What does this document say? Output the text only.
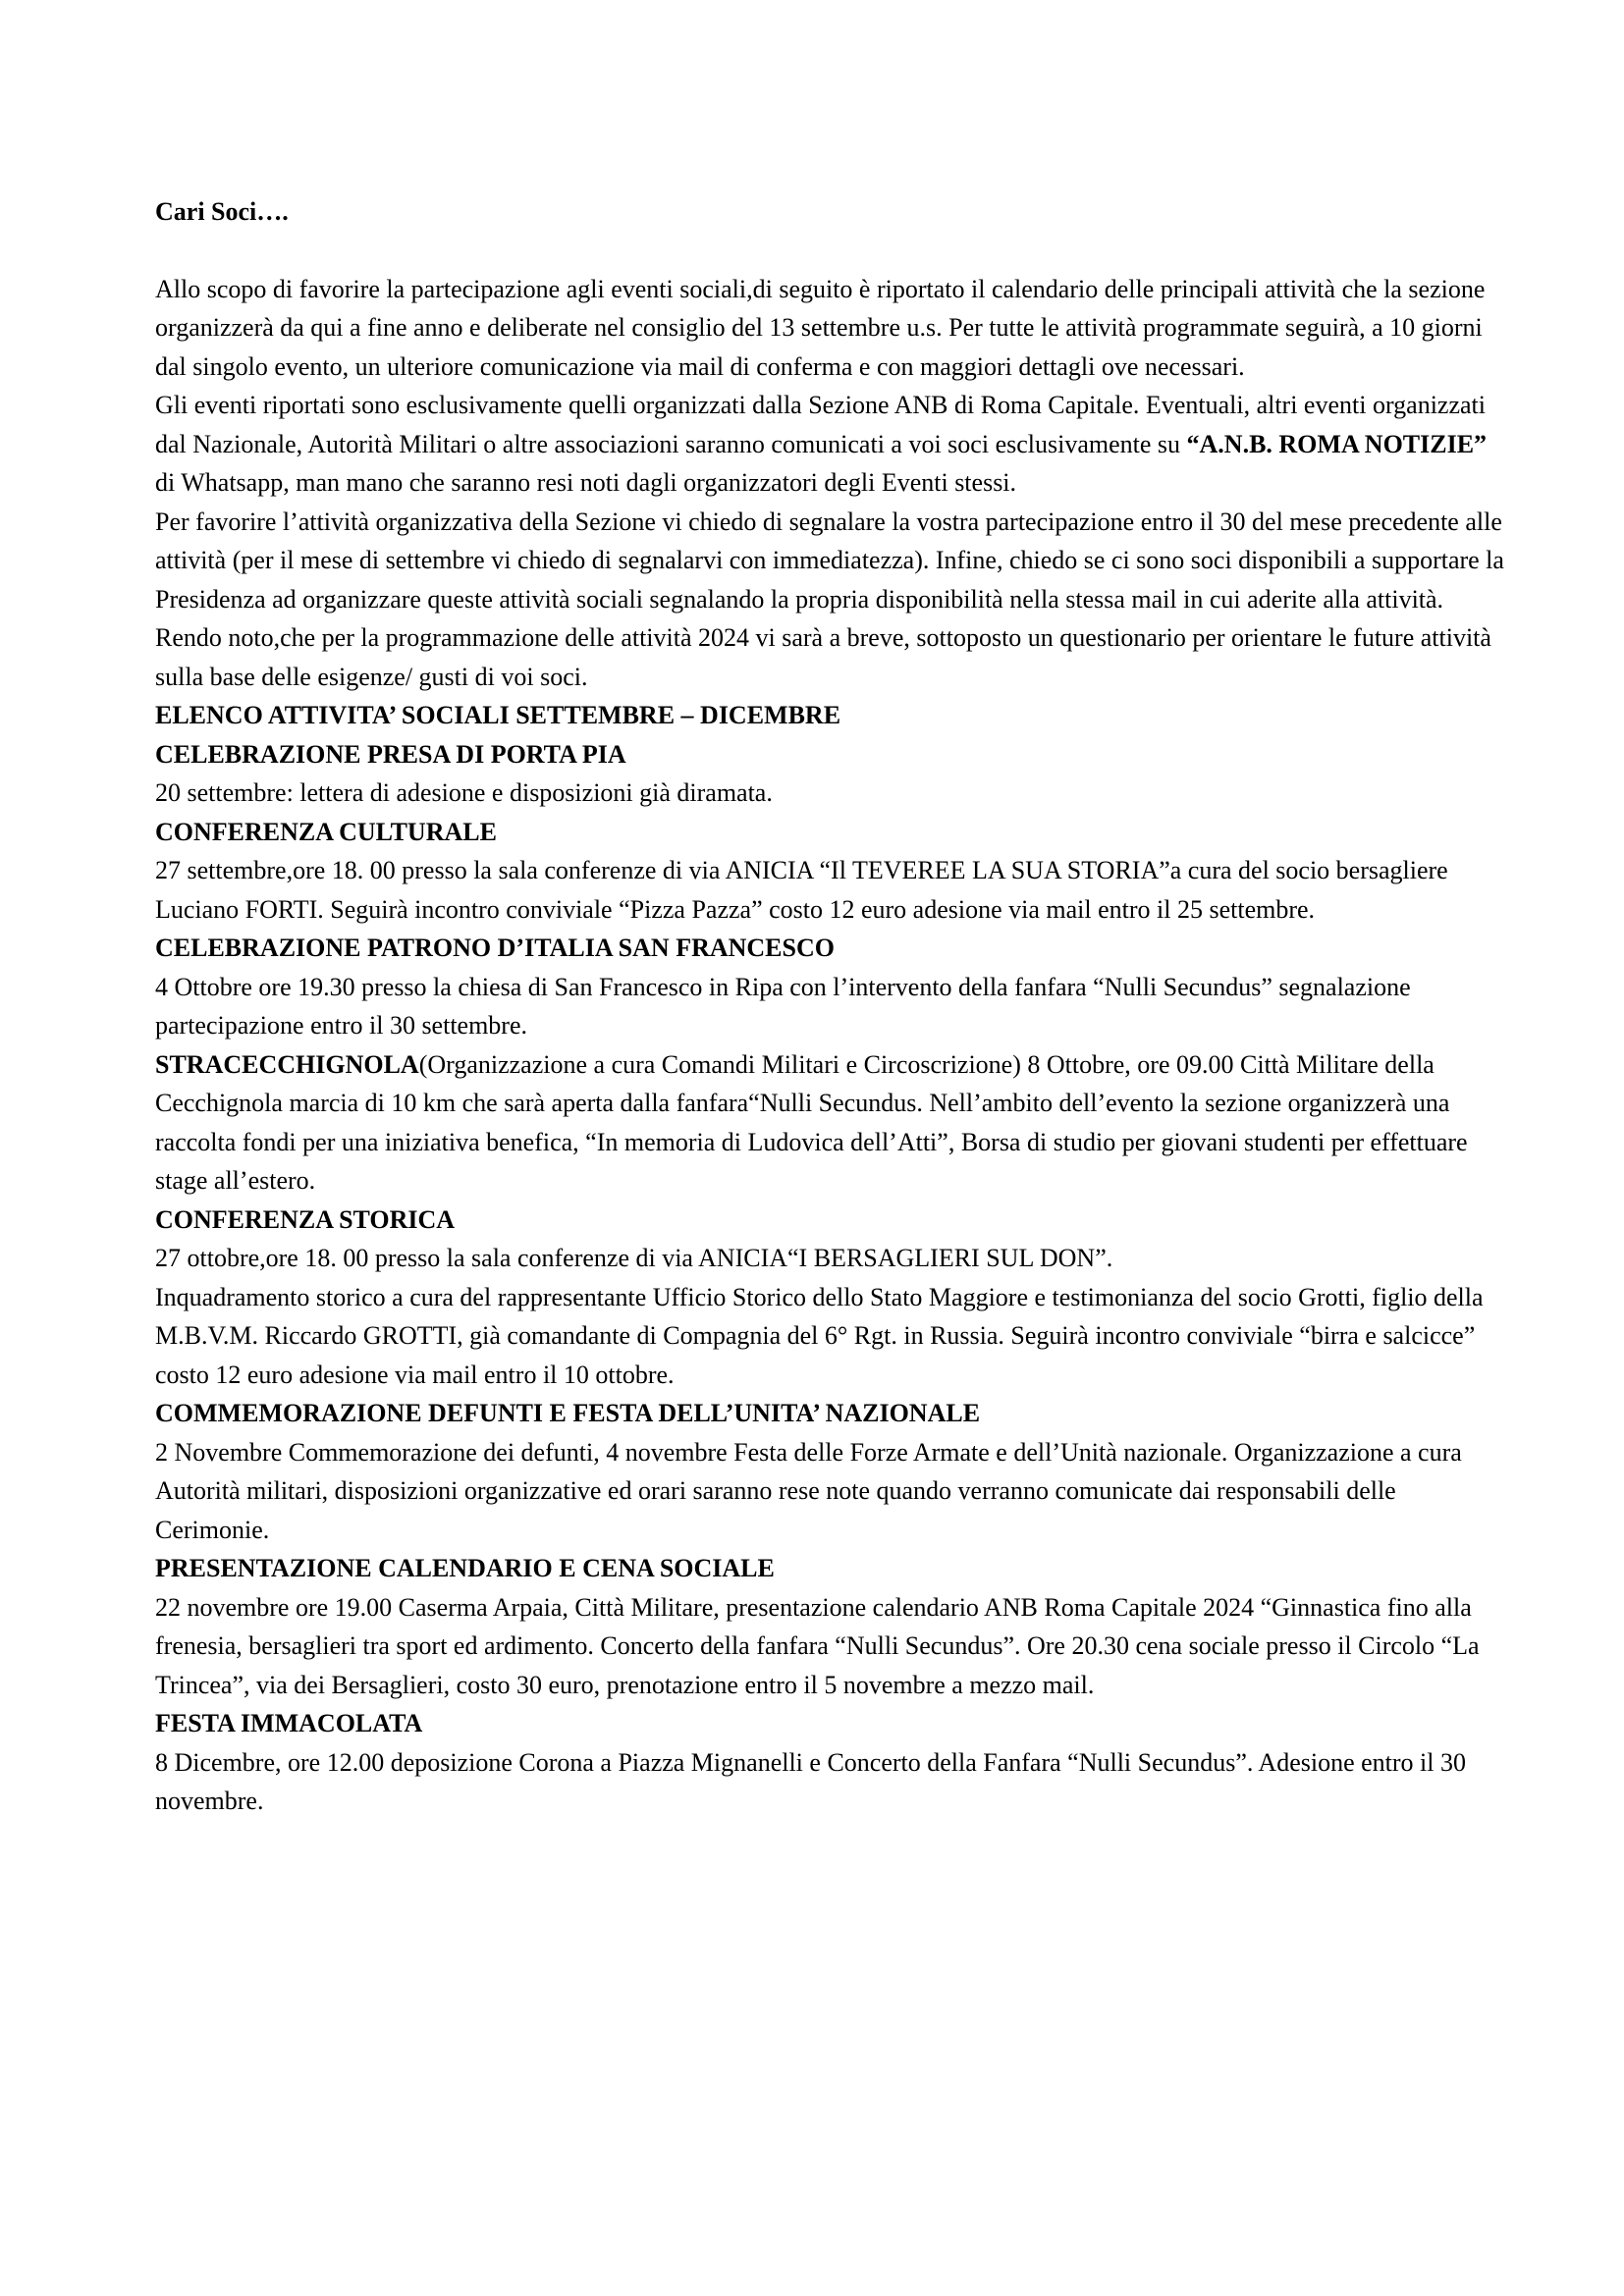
Cari Soci….

Allo scopo di favorire la partecipazione agli eventi sociali,di seguito è riportato il calendario delle principali attività che la sezione organizzerà da qui a fine anno e deliberate nel consiglio del 13 settembre u.s. Per tutte le attività programmate seguirà, a 10 giorni dal singolo evento, un ulteriore comunicazione via mail di conferma e con maggiori dettagli ove necessari.

Gli eventi riportati sono esclusivamente quelli organizzati dalla Sezione ANB di Roma Capitale. Eventuali, altri eventi organizzati dal Nazionale, Autorità Militari o altre associazioni saranno comunicati a voi soci esclusivamente su “A.N.B. ROMA NOTIZIE” di Whatsapp, man mano che saranno resi noti dagli organizzatori degli Eventi stessi.

Per favorire l’attività organizzativa della Sezione vi chiedo di segnalare la vostra partecipazione entro il 30 del mese precedente alle attività (per il mese di settembre vi chiedo di segnalarvi con immediatezza). Infine, chiedo se ci sono soci disponibili a supportare la Presidenza ad organizzare queste attività sociali segnalando la propria disponibilità nella stessa mail in cui aderite alla attività.

Rendo noto,che per la programmazione delle attività 2024 vi sarà a breve, sottoposto un questionario per orientare le future attività sulla base delle esigenze/ gusti di voi soci.

ELENCO ATTIVITA’ SOCIALI SETTEMBRE – DICEMBRE

CELEBRAZIONE PRESA DI PORTA PIA

20 settembre: lettera di adesione e disposizioni già diramata.

CONFERENZA CULTURALE

27 settembre,ore 18. 00 presso la sala conferenze di via ANICIA “Il TEVEREE LA SUA STORIA”a cura del socio bersagliere Luciano FORTI. Seguirà incontro conviviale “Pizza Pazza” costo 12 euro adesione via mail entro il 25 settembre.

CELEBRAZIONE PATRONO D’ITALIA SAN FRANCESCO

4 Ottobre ore 19.30 presso la chiesa di San Francesco in Ripa con l’intervento della fanfara “Nulli Secundus” segnalazione partecipazione entro il 30 settembre.

STRACECCHIGNOLA(Organizzazione a cura Comandi Militari e Circoscrizione) 8 Ottobre, ore 09.00 Città Militare della Cecchignola marcia di 10 km che sarà aperta dalla fanfara“Nulli Secundus. Nell’ambito dell’evento la sezione organizzerà una raccolta fondi per una iniziativa benefica, “In memoria di Ludovica dell’Atti”, Borsa di studio per giovani studenti per effettuare stage all’estero.

CONFERENZA STORICA

27 ottobre,ore 18. 00 presso la sala conferenze di via ANICIA“I BERSAGLIERI SUL DON”.

Inquadramento storico a cura del rappresentante Ufficio Storico dello Stato Maggiore e testimonianza del socio Grotti, figlio della M.B.V.M. Riccardo GROTTI, già comandante di Compagnia del 6° Rgt. in Russia. Seguirà incontro conviviale “birra e salcicce” costo 12 euro adesione via mail entro il 10 ottobre.

COMMEMORAZIONE DEFUNTI E FESTA DELL’UNITA’ NAZIONALE

2 Novembre Commemorazione dei defunti, 4 novembre Festa delle Forze Armate e dell’Unità nazionale. Organizzazione a cura Autorità militari, disposizioni organizzative ed orari saranno rese note quando verranno comunicate dai responsabili delle Cerimonie.

PRESENTAZIONE CALENDARIO E CENA SOCIALE

22 novembre ore 19.00 Caserma Arpaia, Città Militare, presentazione calendario ANB Roma Capitale 2024 “Ginnastica fino alla frenesia, bersaglieri tra sport ed ardimento. Concerto della fanfara “Nulli Secundus”. Ore 20.30 cena sociale presso il Circolo “La Trincea”, via dei Bersaglieri, costo 30 euro, prenotazione entro il 5 novembre a mezzo mail.

FESTA IMMACOLATA

8 Dicembre, ore 12.00 deposizione Corona a Piazza Mignanelli e Concerto della Fanfara “Nulli Secundus”. Adesione entro il 30 novembre.
